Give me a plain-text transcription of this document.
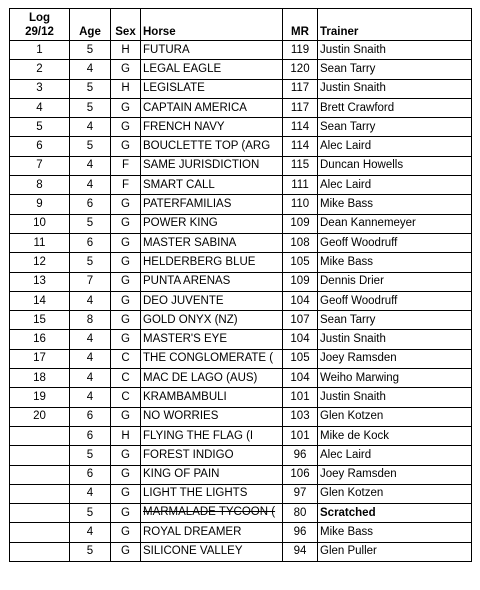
Log
29/12	Age	Sex	Horse	MR	Trainer
1	5	H	FUTURA	119	Justin Snaith
2	4	G	LEGAL EAGLE	120	Sean Tarry
3	5	H	LEGISLATE	117	Justin Snaith
4	5	G	CAPTAIN AMERICA	117	Brett Crawford
5	4	G	FRENCH NAVY	114	Sean Tarry
6	5	G	BOUCLETTE TOP (ARG	114	Alec Laird
7	4	F	SAME JURISDICTION	115	Duncan Howells
8	4	F	SMART CALL	111	Alec Laird
9	6	G	PATERFAMILIAS	110	Mike Bass
10	5	G	POWER KING	109	Dean Kannemeyer
11	6	G	MASTER SABINA	108	Geoff Woodruff
12	5	G	HELDERBERG BLUE	105	Mike Bass
13	7	G	PUNTA ARENAS	109	Dennis Drier
14	4	G	DEO JUVENTE	104	Geoff Woodruff
15	8	G	GOLD ONYX (NZ)	107	Sean Tarry
16	4	G	MASTER'S EYE	104	Justin Snaith
17	4	C	THE CONGLOMERATE (	105	Joey Ramsden
18	4	C	MAC DE LAGO (AUS)	104	Weiho Marwing
19	4	C	KRAMBAMBULI	101	Justin Snaith
20	6	G	NO WORRIES	103	Glen Kotzen
	6	H	FLYING THE FLAG (I	101	Mike de Kock
	5	G	FOREST INDIGO	96	Alec Laird
	6	G	KING OF PAIN	106	Joey Ramsden
	4	G	LIGHT THE LIGHTS	97	Glen Kotzen
	5	G	MARMALADE TYCOON (	80	Scratched
	4	G	ROYAL DREAMER	96	Mike Bass
	5	G	SILICONE VALLEY	94	Glen Puller
